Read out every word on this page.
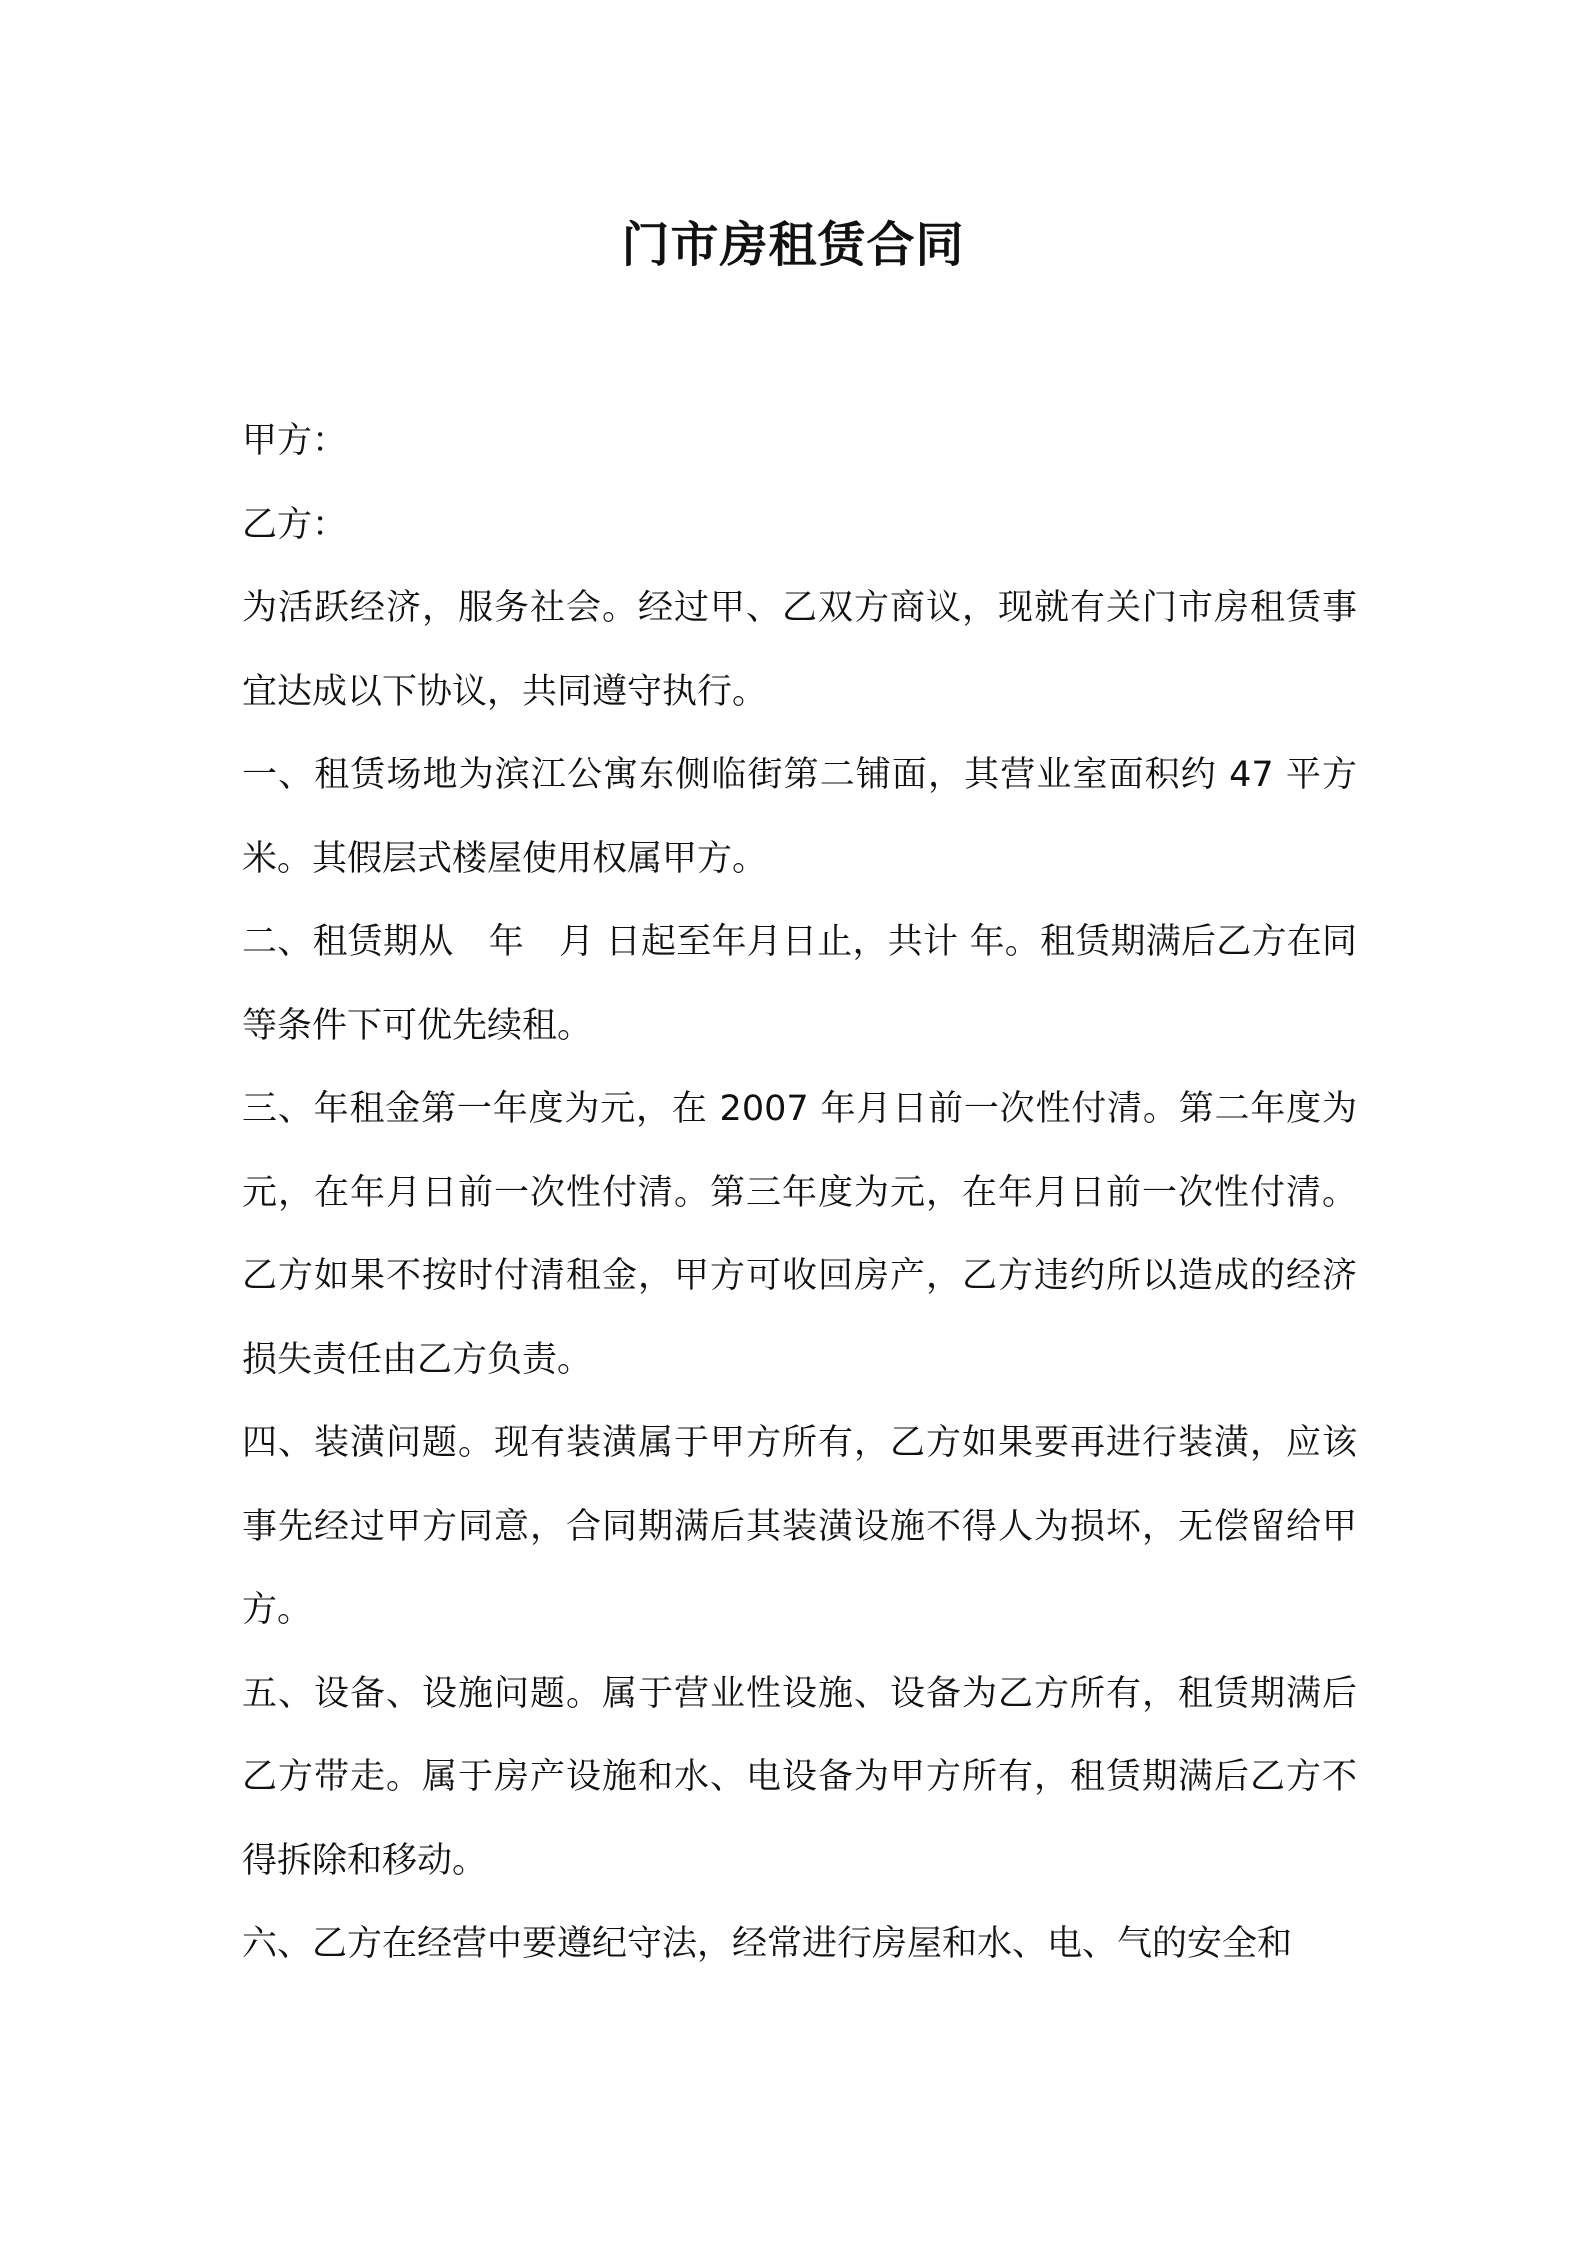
门市房租赁合同

甲方：

乙方：

为活跃经济，服务社会。经过甲、乙双方商议，现就有关门市房租赁事宜达成以下协议，共同遵守执行。

一、租赁场地为滨江公寓东侧临街第二铺面，其营业室面积约 47 平方米。其假层式楼屋使用权属甲方。

二、租赁期从　年　月 日起至年月日止，共计 年。租赁期满后乙方在同等条件下可优先续租。

三、年租金第一年度为元，在 2007 年月日前一次性付清。第二年度为元，在年月日前一次性付清。第三年度为元，在年月日前一次性付清。乙方如果不按时付清租金，甲方可收回房产，乙方违约所以造成的经济损失责任由乙方负责。

四、装潢问题。现有装潢属于甲方所有，乙方如果要再进行装潢，应该事先经过甲方同意，合同期满后其装潢设施不得人为损坏，无偿留给甲方。

五、设备、设施问题。属于营业性设施、设备为乙方所有，租赁期满后乙方带走。属于房产设施和水、电设备为甲方所有，租赁期满后乙方不得拆除和移动。

六、乙方在经营中要遵纪守法，经常进行房屋和水、电、气的安全和
